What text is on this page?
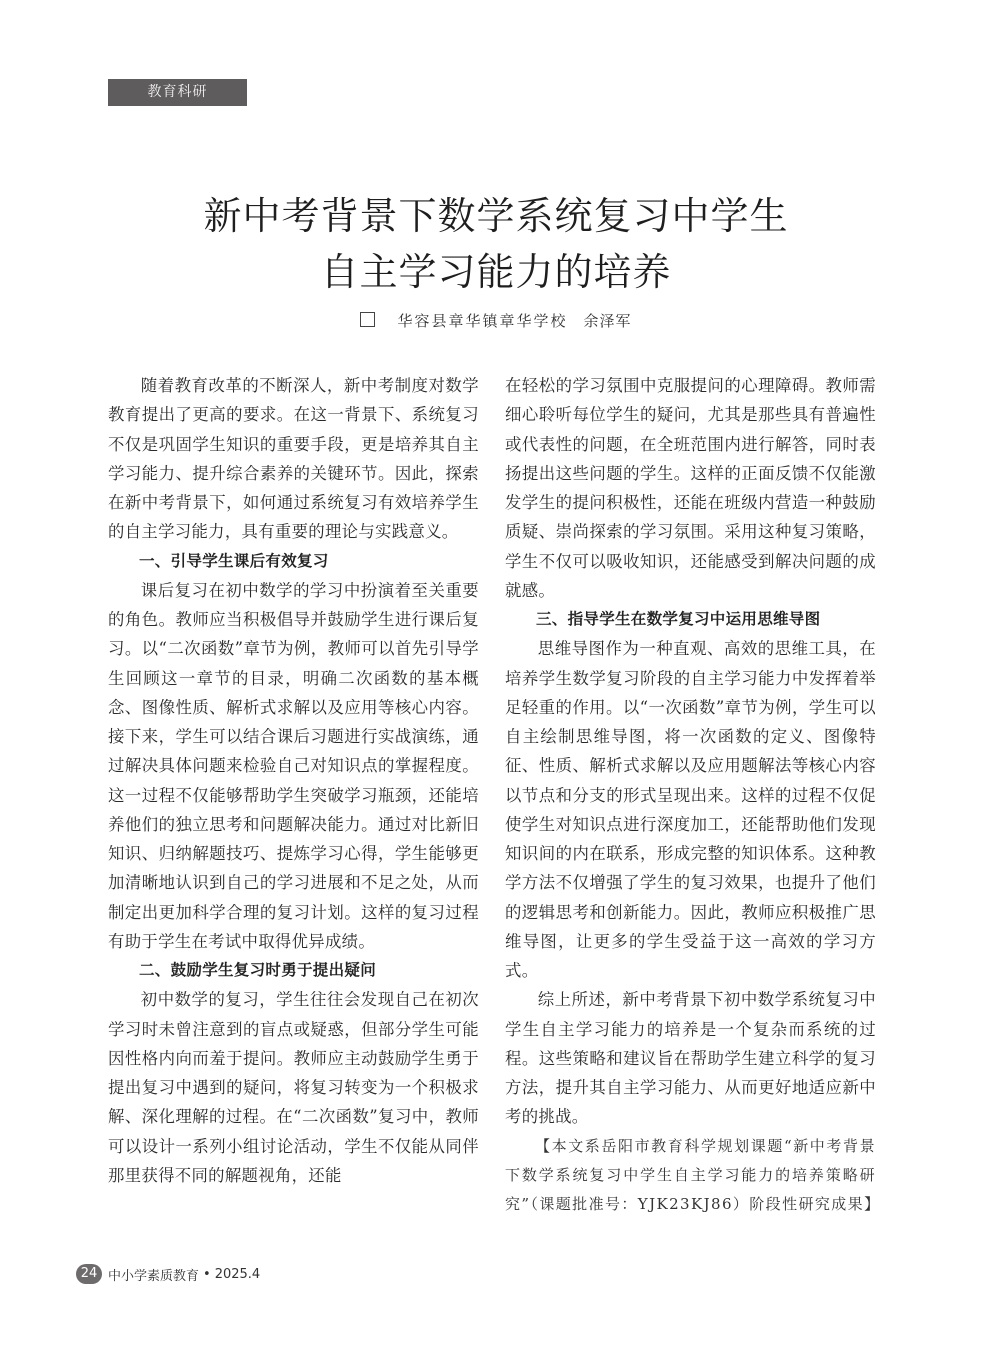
教育科研
新中考背景下数学系统复习中学生
自主学习能力的培养
华容县章华镇章华学校 余泽军

随着教育改革的不断深人，新中考制度对数学教育提出了更高的要求。在这一背景下、系统复习不仅是巩固学生知识的重要手段，更是培养其自主学习能力、提升综合素养的关键环节。因此，探索在新中考背景下，如何通过系统复习有效培养学生的自主学习能力，具有重要的理论与实践意义。

一、引导学生课后有效复习

课后复习在初中数学的学习中扮演着至关重要的角色。教师应当积极倡导并鼓励学生进行课后复习。以“二次函数”章节为例，教师可以首先引导学生回顾这一章节的目录，明确二次函数的基本概念、图像性质、解析式求解以及应用等核心内容。接下来，学生可以结合课后习题进行实战演练，通过解决具体问题来检验自己对知识点的掌握程度。这一过程不仅能够帮助学生突破学习瓶颈，还能培养他们的独立思考和问题解决能力。通过对比新旧知识、归纳解题技巧、提炼学习心得，学生能够更加清晰地认识到自己的学习进展和不足之处，从而制定出更加科学合理的复习计划。这样的复习过程有助于学生在考试中取得优异成绩。

二、鼓励学生复习时勇于提出疑问

初中数学的复习，学生往往会发现自己在初次学习时未曾注意到的盲点或疑惑，但部分学生可能因性格内向而羞于提问。教师应主动鼓励学生勇于提出复习中遇到的疑问，将复习转变为一个积极求解、深化理解的过程。在“二次函数”复习中，教师可以设计一系列小组讨论活动，学生不仅能从同伴那里获得不同的解题视角，还能

在轻松的学习氛围中克服提问的心理障碍。教师需细心聆听每位学生的疑问，尤其是那些具有普遍性或代表性的问题，在全班范围内进行解答，同时表扬提出这些问题的学生。这样的正面反馈不仅能激发学生的提问积极性，还能在班级内营造一种鼓励质疑、崇尚探索的学习氛围。采用这种复习策略，学生不仅可以吸收知识，还能感受到解决问题的成就感。

三、指导学生在数学复习中运用思维导图

思维导图作为一种直观、高效的思维工具，在培养学生数学复习阶段的自主学习能力中发挥着举足轻重的作用。以“一次函数”章节为例，学生可以自主绘制思维导图，将一次函数的定义、图像特征、性质、解析式求解以及应用题解法等核心内容以节点和分支的形式呈现出来。这样的过程不仅促使学生对知识点进行深度加工，还能帮助他们发现知识间的内在联系，形成完整的知识体系。这种教学方法不仅增强了学生的复习效果，也提升了他们的逻辑思考和创新能力。因此，教师应积极推广思维导图，让更多的学生受益于这一高效的学习方式。

综上所述，新中考背景下初中数学系统复习中学生自主学习能力的培养是一个复杂而系统的过程。这些策略和建议旨在帮助学生建立科学的复习方法，提升其自主学习能力、从而更好地适应新中考的挑战。

【本文系岳阳市教育科学规划课题“新中考背景下数学系统复习中学生自主学习能力的培养策略研究”（课题批准号：YJK23KJ86）阶段性研究成果】

24 中小学素质教育 • 2025.4
